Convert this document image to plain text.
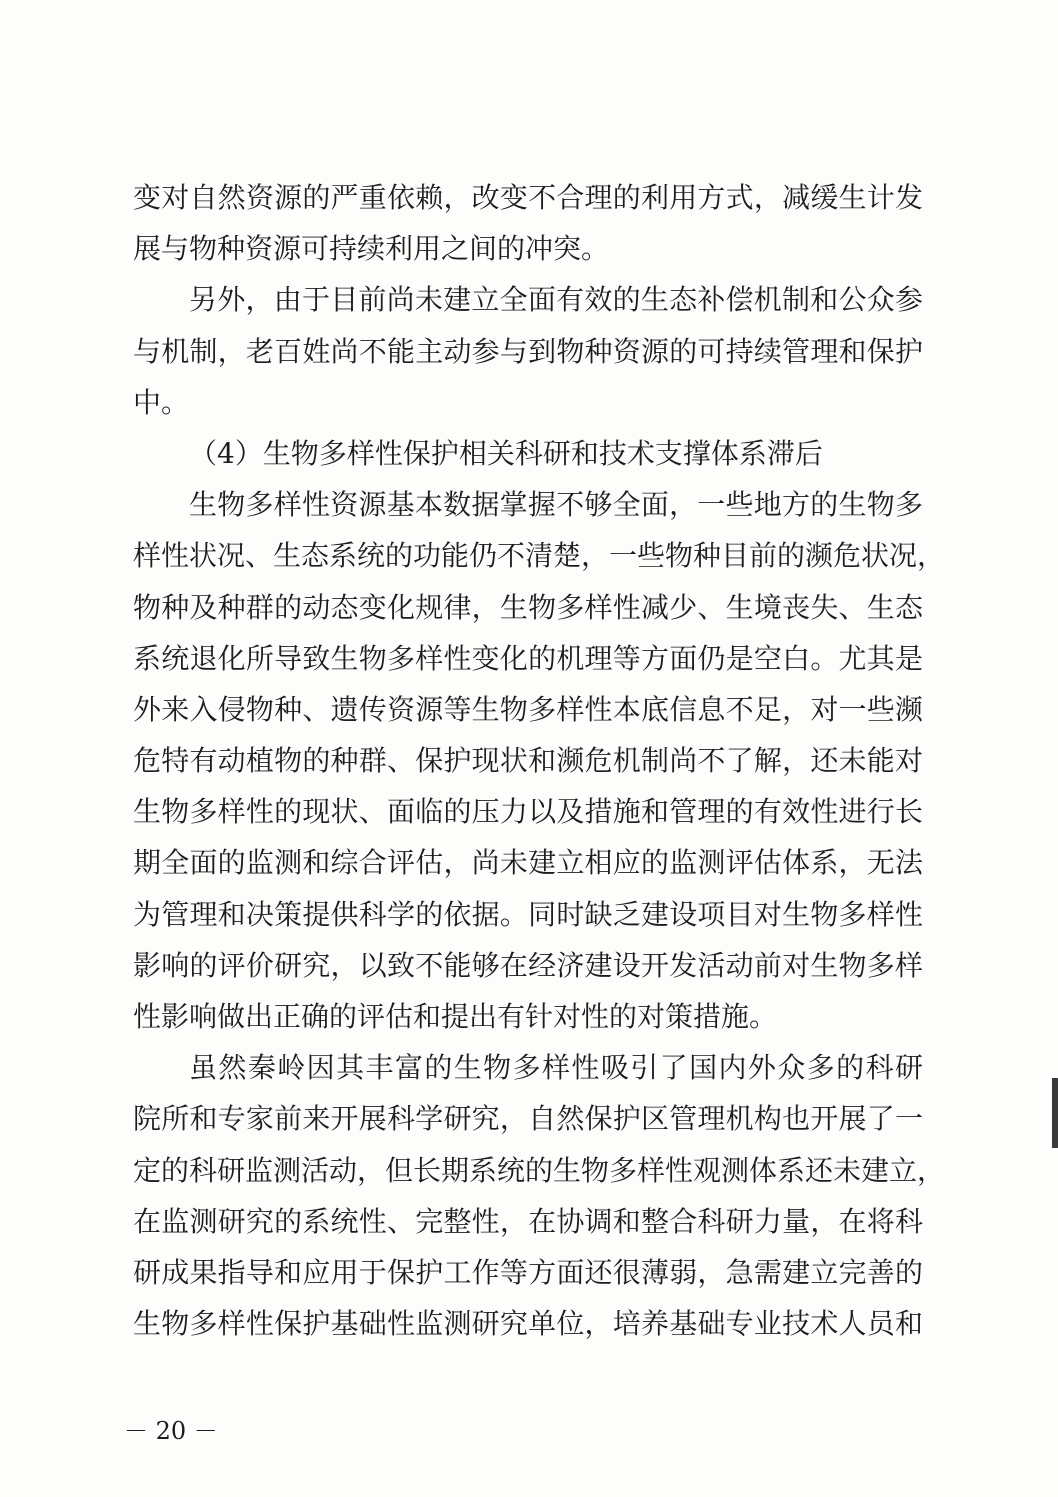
变对自然资源的严重依赖，改变不合理的利用方式，减缓生计发
展与物种资源可持续利用之间的冲突。
另外，由于目前尚未建立全面有效的生态补偿机制和公众参
与机制，老百姓尚不能主动参与到物种资源的可持续管理和保护
中。
（4）生物多样性保护相关科研和技术支撑体系滞后
生物多样性资源基本数据掌握不够全面，一些地方的生物多
样性状况、生态系统的功能仍不清楚，一些物种目前的濒危状况，
物种及种群的动态变化规律，生物多样性减少、生境丧失、生态
系统退化所导致生物多样性变化的机理等方面仍是空白。尤其是
外来入侵物种、遗传资源等生物多样性本底信息不足，对一些濒
危特有动植物的种群、保护现状和濒危机制尚不了解，还未能对
生物多样性的现状、面临的压力以及措施和管理的有效性进行长
期全面的监测和综合评估，尚未建立相应的监测评估体系，无法
为管理和决策提供科学的依据。同时缺乏建设项目对生物多样性
影响的评价研究，以致不能够在经济建设开发活动前对生物多样
性影响做出正确的评估和提出有针对性的对策措施。
虽然秦岭因其丰富的生物多样性吸引了国内外众多的科研
院所和专家前来开展科学研究，自然保护区管理机构也开展了一
定的科研监测活动，但长期系统的生物多样性观测体系还未建立，
在监测研究的系统性、完整性，在协调和整合科研力量，在将科
研成果指导和应用于保护工作等方面还很薄弱，急需建立完善的
生物多样性保护基础性监测研究单位，培养基础专业技术人员和
－ 20 －
